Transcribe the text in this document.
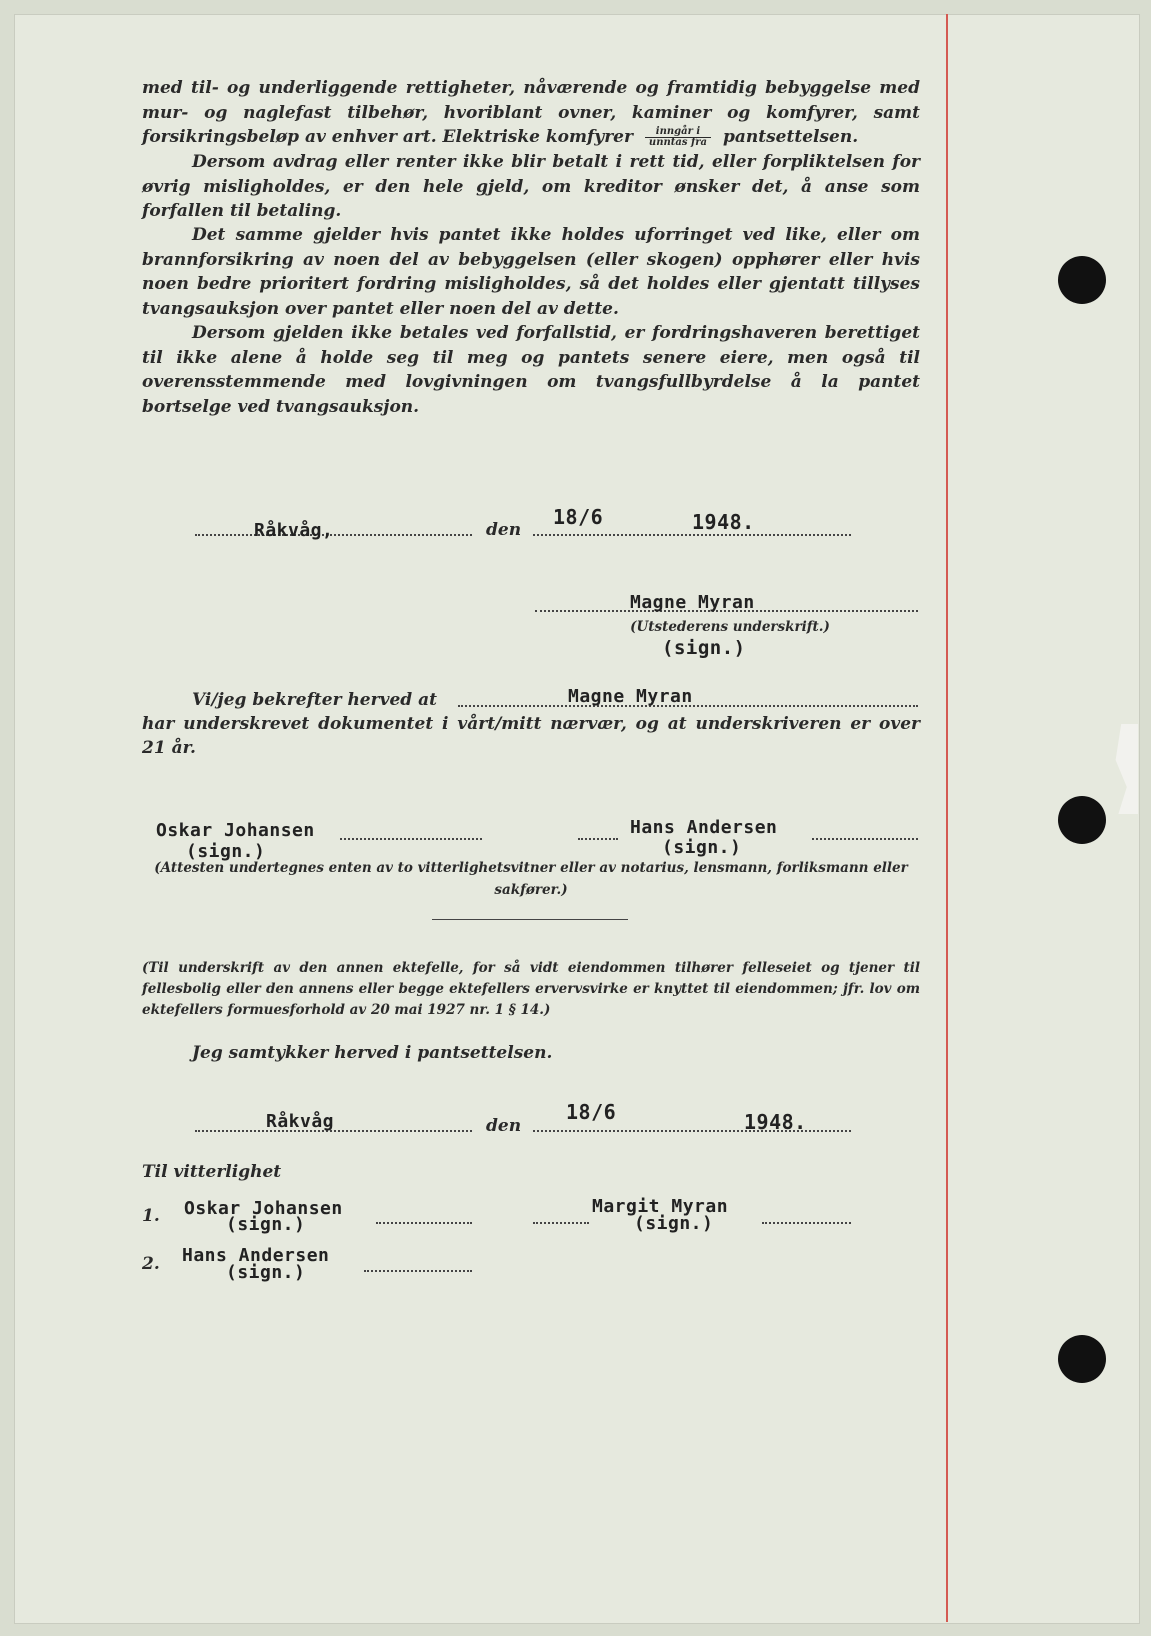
med til- og underliggende rettigheter, nåværende og framtidig bebyggelse med mur- og naglefast tilbehør, hvoriblant ovner, kaminer og komfyrer, samt forsikringsbeløp av enhver art. Elektriske komfyrer $\frac{\text{inngår i}}{\text{unntas fra}}$ pantsettelsen.
Dersom avdrag eller renter ikke blir betalt i rett tid, eller forpliktelsen for øvrig misligholdes, er den hele gjeld, om kreditor ønsker det, å anse som forfallen til betaling.
Det samme gjelder hvis pantet ikke holdes uforringet ved like, eller om brannforsikring av noen del av bebyggelsen (eller skogen) opphører eller hvis noen bedre prioritert fordring misligholdes, så det holdes eller gjentatt tillyses tvangsauksjon over pantet eller noen del av dette.
Dersom gjelden ikke betales ved forfallstid, er fordringshaveren berettiget til ikke alene å holde seg til meg og pantets senere eiere, men også til overensstemmende med lovgivningen om tvangsfullbyrdelse å la pantet bortselge ved tvangsauksjon.
Råkvåg,	den
18/6	1948.
Magne Myran
(Utstederens underskrift.)
(sign.)
Vi/jeg bekrefter herved at	Magne Myran
har underskrevet dokumentet i vårt/mitt nærvær, og at underskriveren er over
21 år.
Oskar Johansen
(sign.)
Hans Andersen
(sign.)
(Attesten undertegnes enten av to vitterlighetsvitner eller av notarius, lensmann, forliksmann eller sakfører.)
(Til underskrift av den annen ektefelle, for så vidt eiendommen tilhører felleseiet og tjener til fellesbolig eller den annens eller begge ektefellers ervervsvirke er knyttet til eiendommen; jfr. lov om ektefellers formuesforhold av 20 mai 1927 nr. 1 § 14.)
Jeg samtykker herved i pantsettelsen.
Råkvåg	den
18/6	1948.
Til vitterlighet
1. Oskar Johansen
(sign.)
Margit Myran
(sign.)
2. Hans Andersen
(sign.)
